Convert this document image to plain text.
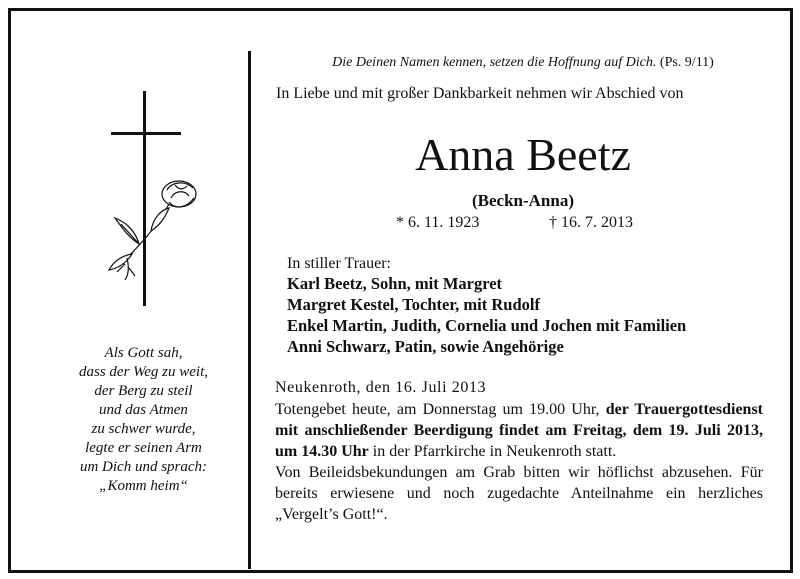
Als Gott sah,
dass der Weg zu weit,
der Berg zu steil
und das Atmen
zu schwer wurde,
legte er seinen Arm
um Dich und sprach:
„Komm heim“
Die Deinen Namen kennen, setzen die Hoffnung auf Dich. (Ps. 9/11)
In Liebe und mit großer Dankbarkeit nehmen wir Abschied von
Anna Beetz
(Beckn-Anna)
* 6. 11. 1923	† 16. 7. 2013
In stiller Trauer:
Karl Beetz, Sohn, mit Margret
Margret Kestel, Tochter, mit Rudolf
Enkel Martin, Judith, Cornelia und Jochen mit Familien
Anni Schwarz, Patin, sowie Angehörige
Neukenroth, den 16. Juli 2013

Totengebet heute, am Donnerstag um 19.00 Uhr, der Trauergottesdienst mit anschließender Beerdigung findet am Freitag, dem 19. Juli 2013, um 14.30 Uhr in der Pfarrkirche in Neukenroth statt.

Von Beileidsbekundungen am Grab bitten wir höflichst abzusehen. Für bereits erwiesene und noch zugedachte Anteilnahme ein herzliches „Vergelt’s Gott!“.
